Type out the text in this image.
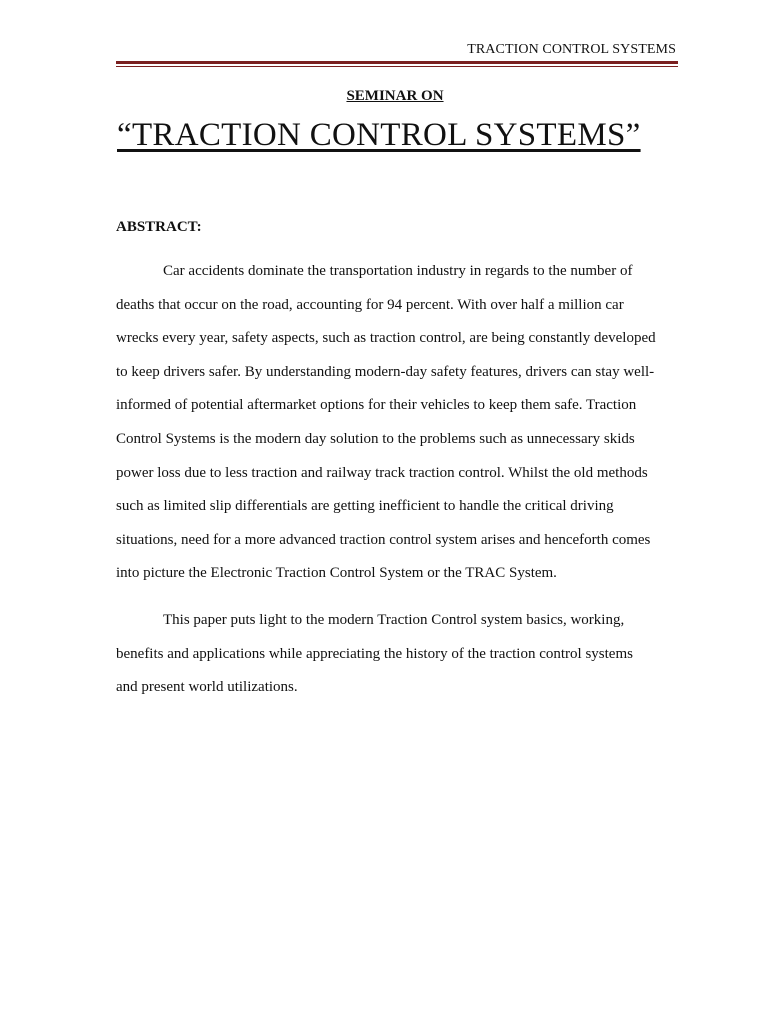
TRACTION CONTROL SYSTEMS
SEMINAR ON
“TRACTION CONTROL SYSTEMS”
ABSTRACT:

Car accidents dominate the transportation industry in regards to the number of
deaths that occur on the road, accounting for 94 percent. With over half a million car
wrecks every year, safety aspects, such as traction control, are being constantly developed
to keep drivers safer. By understanding modern-day safety features, drivers can stay well-
informed of potential aftermarket options for their vehicles to keep them safe. Traction
Control Systems is the modern day solution to the problems such as unnecessary skids
power loss due to less traction and railway track traction control. Whilst the old methods
such as limited slip differentials are getting inefficient to handle the critical driving
situations, need for a more advanced traction control system arises and henceforth comes
into picture the Electronic Traction Control System or the TRAC System.

This paper puts light to the modern Traction Control system basics, working,
benefits and applications while appreciating the history of the traction control systems
and present world utilizations.
